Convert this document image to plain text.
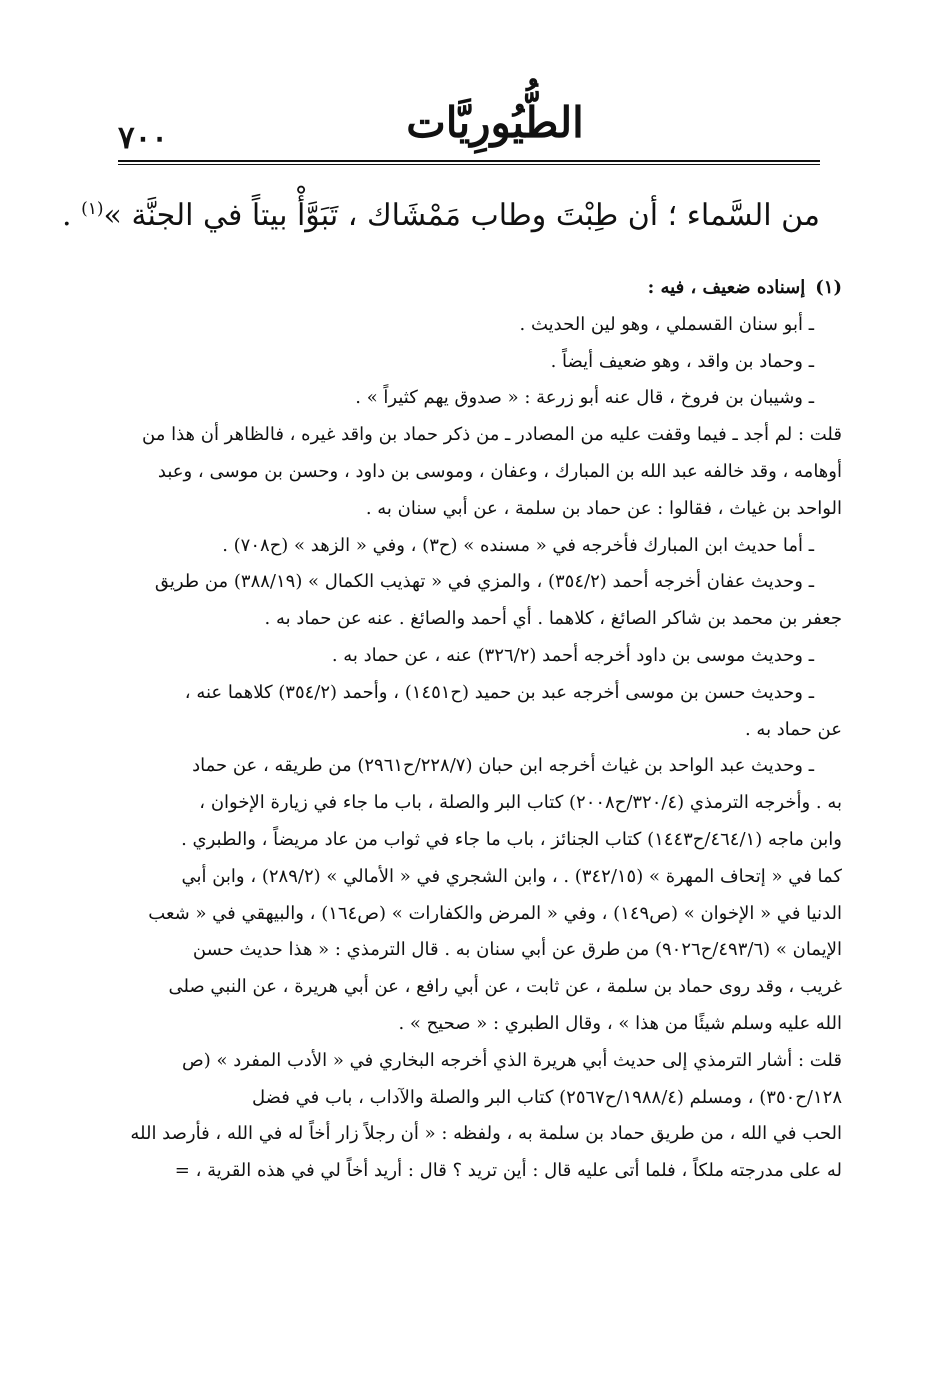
٧٠٠	الطُّيُورِيَّات
من السَّماء ؛ أن طِبْتَ وطاب مَمْشَاك ، تَبَوَّأْ بيتاً في الجنَّة »$^{(١)}$ .
(١)إسناده ضعيف ، فيه :
ـ أبو سنان القسملي ، وهو لين الحديث .
ـ وحماد بن واقد ، وهو ضعيف أيضاً .
ـ وشيبان بن فروخ ، قال عنه أبو زرعة : « صدوق يهم كثيراً » .
قلت : لم أجد ـ فيما وقفت عليه من المصادر ـ من ذكر حماد بن واقد غيره ، فالظاهر أن هذا من
أوهامه ، وقد خالفه عبد الله بن المبارك ، وعفان ، وموسى بن داود ، وحسن بن موسى ، وعبد
الواحد بن غياث ، فقالوا : عن حماد بن سلمة ، عن أبي سنان به .
ـ أما حديث ابن المبارك فأخرجه في « مسنده » (ح٣) ، وفي « الزهد » (ح٧٠٨) .
ـ وحديث عفان أخرجه أحمد (٣٥٤/٢) ، والمزي في « تهذيب الكمال » (٣٨٨/١٩) من طريق
جعفر بن محمد بن شاكر الصائغ ، كلاهما . أي أحمد والصائغ . عنه عن حماد به .
ـ وحديث موسى بن داود أخرجه أحمد (٣٢٦/٢) عنه ، عن حماد به .
ـ وحديث حسن بن موسى أخرجه عبد بن حميد (ح١٤٥١) ، وأحمد (٣٥٤/٢) كلاهما عنه ،
عن حماد به .
ـ وحديث عبد الواحد بن غياث أخرجه ابن حبان (٢٢٨/٧/ح٢٩٦١) من طريقه ، عن حماد
به . وأخرجه الترمذي (٣٢٠/٤/ح٢٠٠٨) كتاب البر والصلة ، باب ما جاء في زيارة الإخوان ،
وابن ماجه (٤٦٤/١/ح١٤٤٣) كتاب الجنائز ، باب ما جاء في ثواب من عاد مريضاً ، والطبري .
كما في « إتحاف المهرة » (٣٤٢/١٥) . ، وابن الشجري في « الأمالي » (٢٨٩/٢) ، وابن أبي
الدنيا في « الإخوان » (ص١٤٩) ، وفي « المرض والكفارات » (ص١٦٤) ، والبيهقي في « شعب
الإيمان » (٤٩٣/٦/ح٩٠٢٦) من طرق عن أبي سنان به . قال الترمذي : « هذا حديث حسن
غريب ، وقد روى حماد بن سلمة ، عن ثابت ، عن أبي رافع ، عن أبي هريرة ، عن النبي صلى
الله عليه وسلم شيئًا من هذا » ، وقال الطبري : « صحيح » .
قلت : أشار الترمذي إلى حديث أبي هريرة الذي أخرجه البخاري في « الأدب المفرد » (ص
١٢٨/ح٣٥٠) ، ومسلم (١٩٨٨/٤/ح٢٥٦٧) كتاب البر والصلة والآداب ، باب في فضل
الحب في الله ، من طريق حماد بن سلمة به ، ولفظه : « أن رجلاً زار أخاً له في الله ، فأرصد الله
له على مدرجته ملكاً ، فلما أتى عليه قال : أين تريد ؟ قال : أريد أخاً لي في هذه القرية ، =
